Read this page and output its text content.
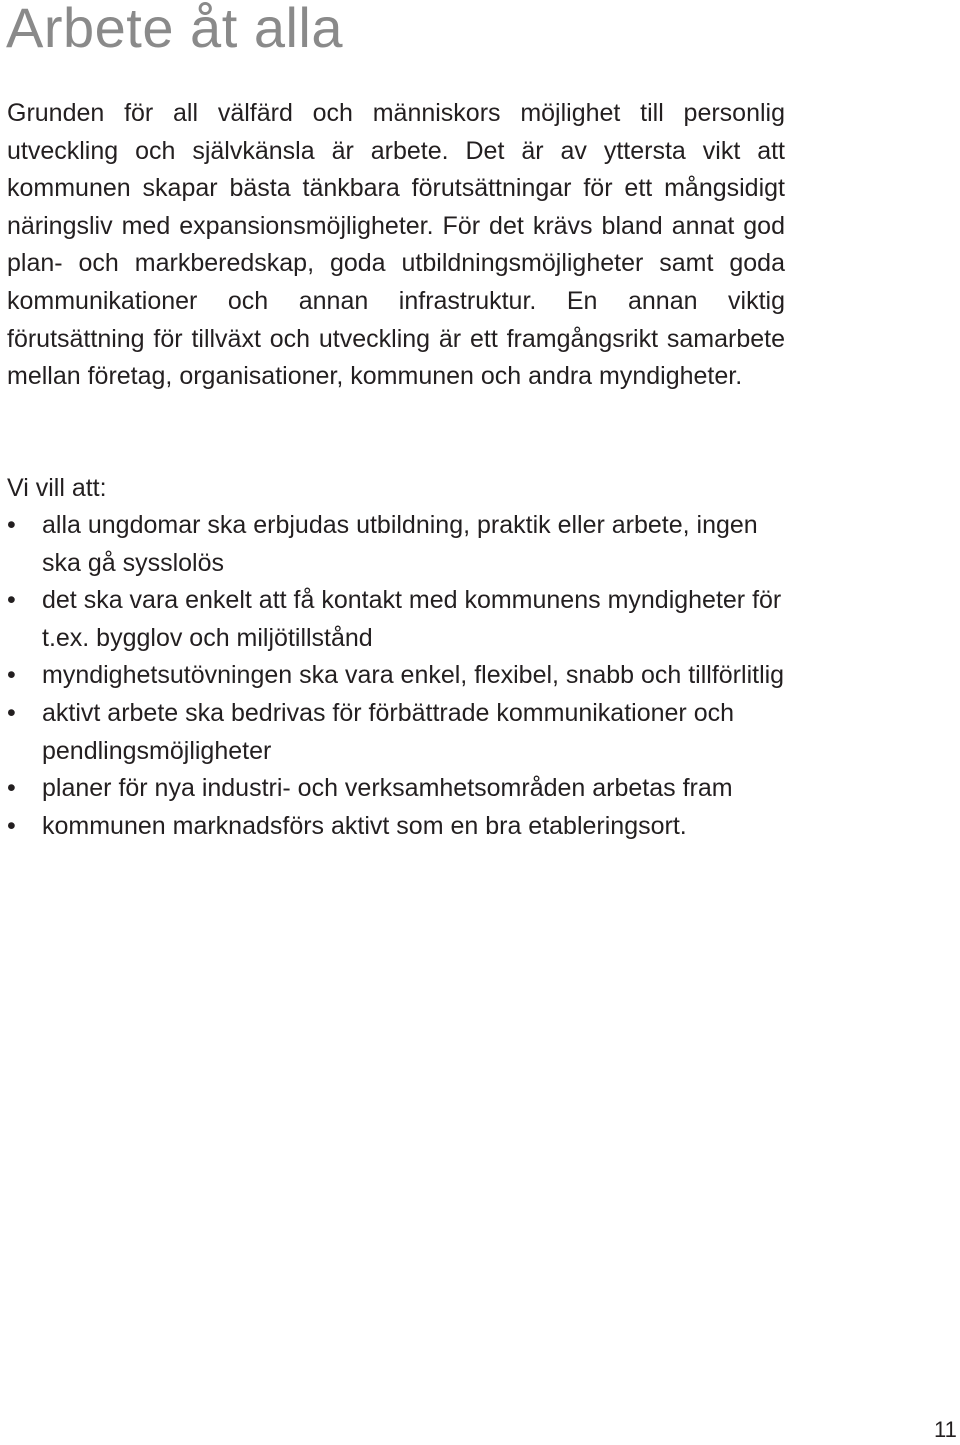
Arbete åt alla

Grunden för all välfärd och människors möjlighet till personlig utveckling och självkänsla är arbete. Det är av yttersta vikt att kommunen skapar bästa tänkbara förutsättningar för ett mångsidigt näringsliv med expansionsmöjligheter. För det krävs bland annat god plan- och markberedskap, goda utbildningsmöjligheter samt goda kommunikationer och annan infrastruktur. En annan viktig förutsättning för tillväxt och utveckling är ett framgångsrikt samarbete mellan företag, organisationer, kommunen och andra myndigheter.

Vi vill att:

• alla ungdomar ska erbjudas utbildning, praktik eller arbete, ingen ska gå sysslolös
• det ska vara enkelt att få kontakt med kommunens myndigheter för t.ex. bygglov och miljötillstånd
• myndighetsutövningen ska vara enkel, flexibel, snabb och tillförlitlig
• aktivt arbete ska bedrivas för förbättrade kommunikationer och pendlingsmöjligheter
• planer för nya industri- och verksamhetsområden arbetas fram
• kommunen marknadsförs aktivt som en bra etableringsort.
11
